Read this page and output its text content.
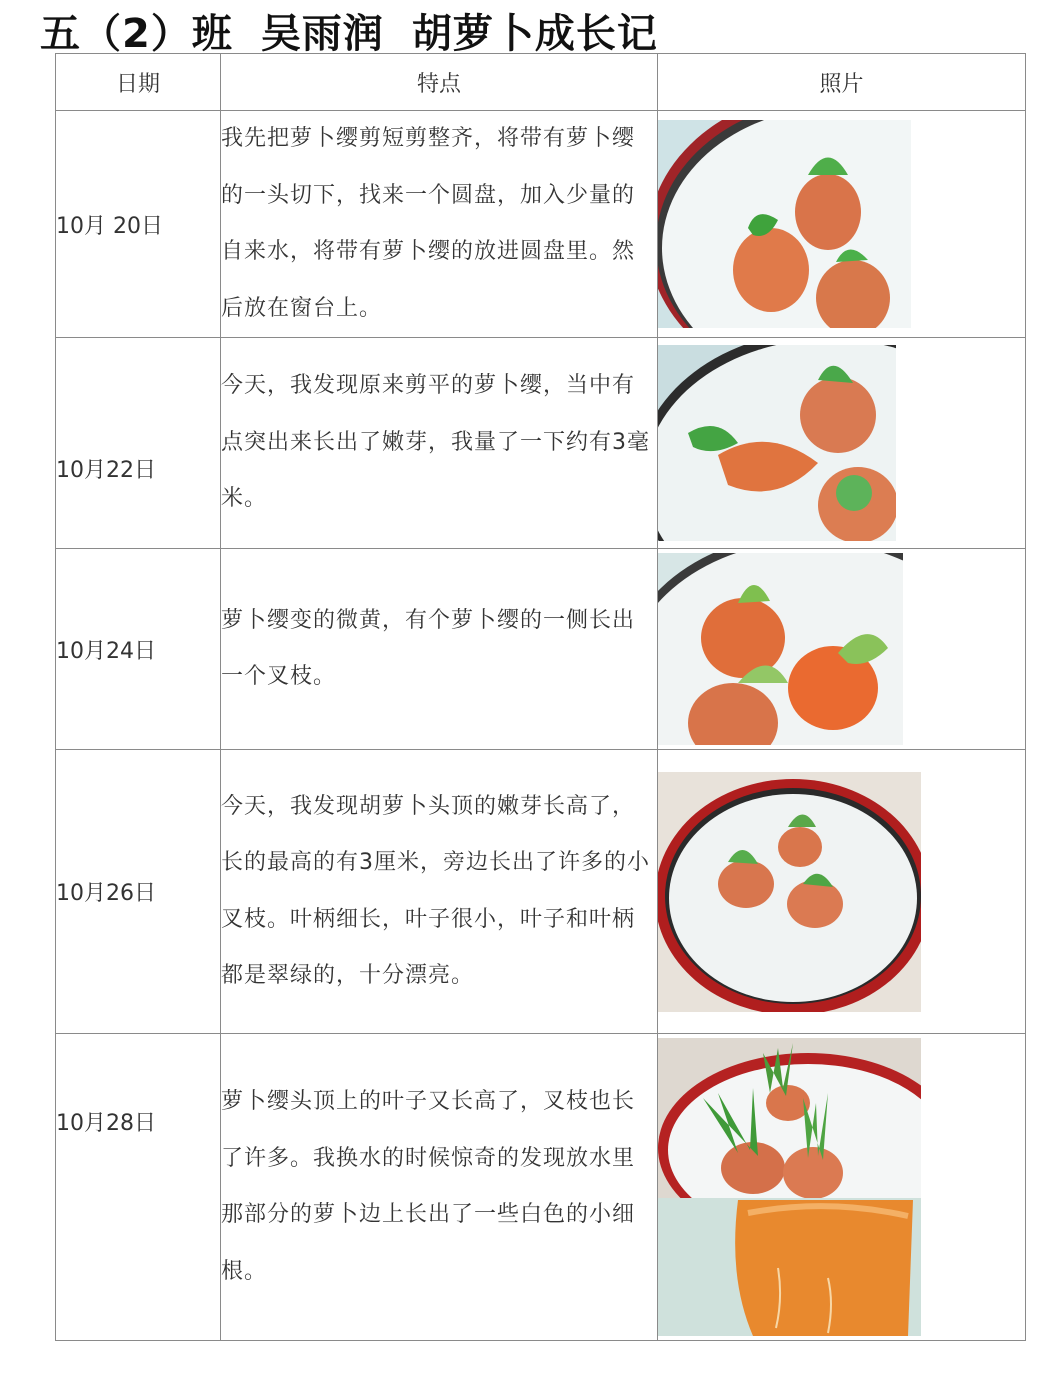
五（2）班 吴雨润 胡萝卜成长记
日期	特点	照片
10月 20日	我先把萝卜缨剪短剪整齐，将带有萝卜缨的一头切下，找来一个圆盘，加入少量的自来水，将带有萝卜缨的放进圆盘里。然后放在窗台上。	

10月22日	今天，我发现原来剪平的萝卜缨，当中有点突出来长出了嫩芽，我量了一下约有3毫米。	

10月24日	萝卜缨变的微黄，有个萝卜缨的一侧长出一个叉枝。	

10月26日	今天，我发现胡萝卜头顶的嫩芽长高了，长的最高的有3厘米，旁边长出了许多的小叉枝。叶柄细长，叶子很小，叶子和叶柄都是翠绿的，十分漂亮。	

10月28日	萝卜缨头顶上的叶子又长高了，叉枝也长了许多。我换水的时候惊奇的发现放水里那部分的萝卜边上长出了一些白色的小细根。	
